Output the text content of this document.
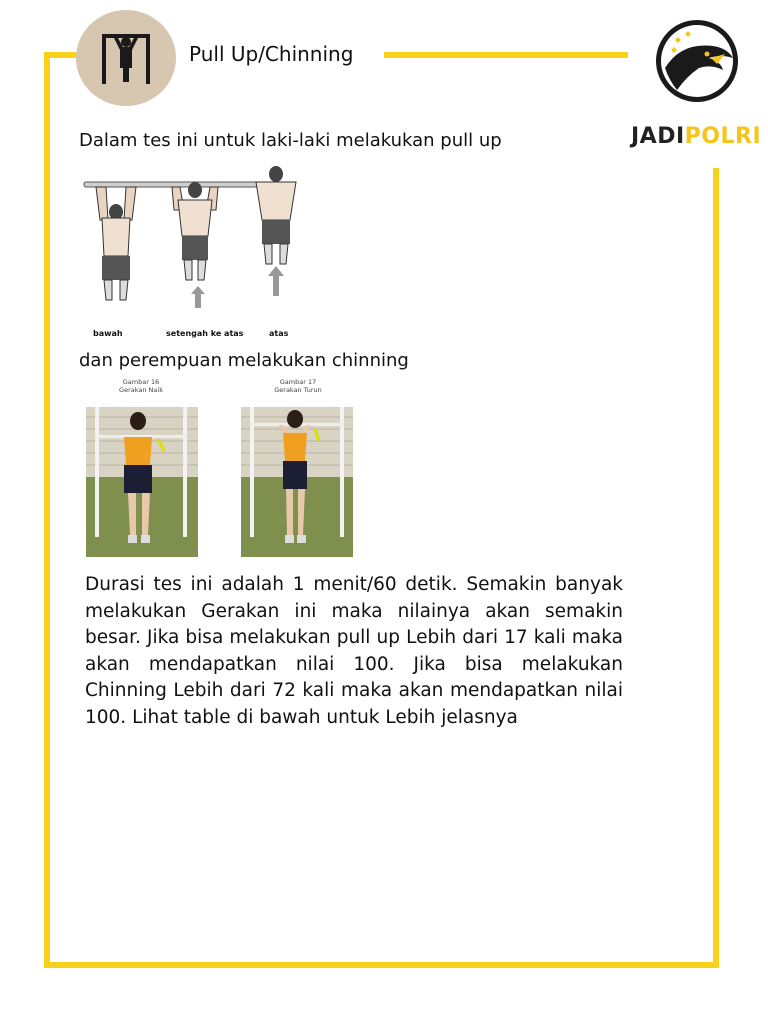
Pull Up/Chinning
JADIPOLRI
Dalam tes ini untuk laki-laki melakukan pull up
bawah	setengah ke atas	atas
dan perempuan melakukan chinning
Gambar 16
Gerakan Naik
Gambar 17
Gerakan Turun
Durasi tes ini adalah 1 menit/60 detik. Semakin banyak melakukan Gerakan ini maka nilainya akan semakin besar. Jika bisa melakukan pull up Lebih dari 17 kali maka akan mendapatkan nilai 100. Jika bisa melakukan Chinning Lebih dari 72 kali maka akan mendapatkan nilai 100. Lihat table di bawah untuk Lebih jelasnya
